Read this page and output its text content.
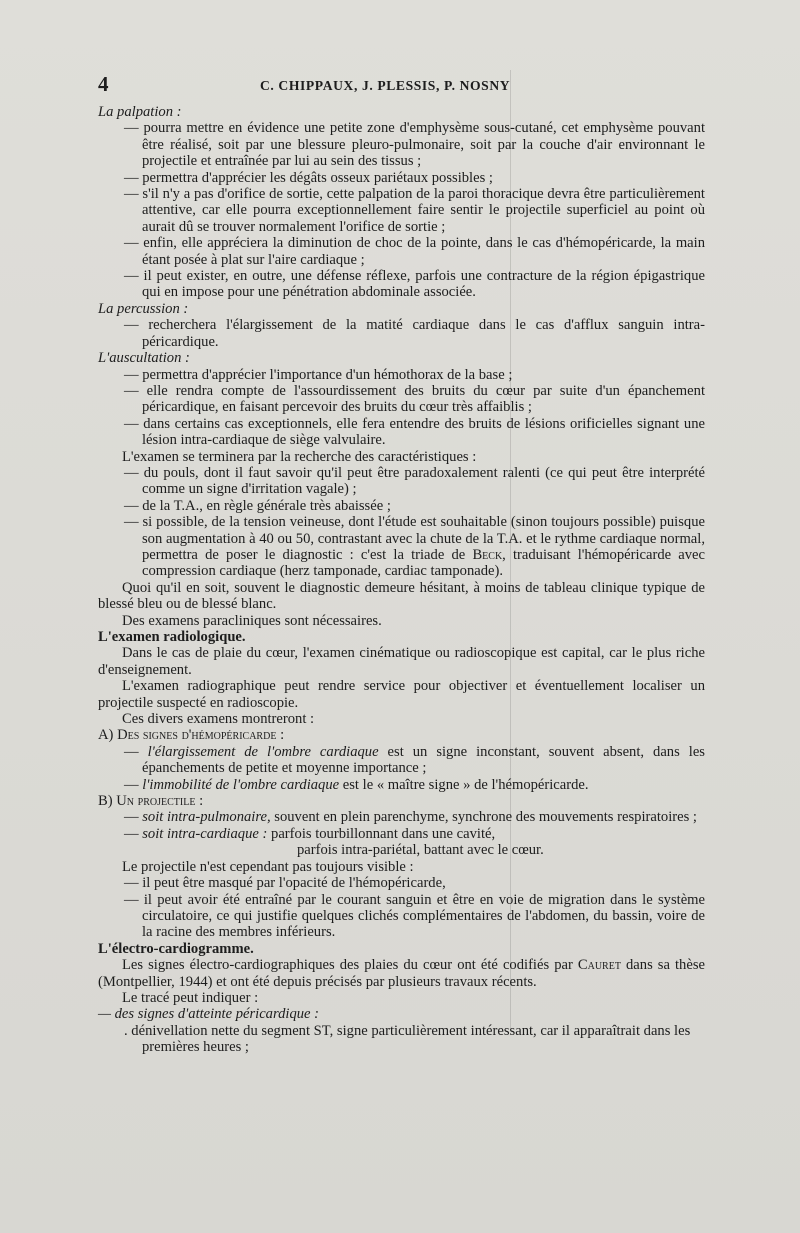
4	C. CHIPPAUX, J. PLESSIS, P. NOSNY

La palpation :

— pourra mettre en évidence une petite zone d'emphysème sous-cutané, cet emphysème pouvant être réalisé, soit par une blessure pleuro-pulmonaire, soit par la couche d'air environnant le projectile et entraînée par lui au sein des tissus ;

— permettra d'apprécier les dégâts osseux pariétaux possibles ;

— s'il n'y a pas d'orifice de sortie, cette palpation de la paroi thoracique devra être particulièrement attentive, car elle pourra exceptionnellement faire sentir le projectile superficiel au point où aurait dû se trouver normalement l'orifice de sortie ;

— enfin, elle appréciera la diminution de choc de la pointe, dans le cas d'hémopéricarde, la main étant posée à plat sur l'aire cardiaque ;

— il peut exister, en outre, une défense réflexe, parfois une contracture de la région épigastrique qui en impose pour une pénétration abdominale associée.

La percussion :

— recherchera l'élargissement de la matité cardiaque dans le cas d'afflux sanguin intra-péricardique.

L'auscultation :

— permettra d'apprécier l'importance d'un hémothorax de la base ;

— elle rendra compte de l'assourdissement des bruits du cœur par suite d'un épanchement péricardique, en faisant percevoir des bruits du cœur très affaiblis ;

— dans certains cas exceptionnels, elle fera entendre des bruits de lésions orificielles signant une lésion intra-cardiaque de siège valvulaire.

L'examen se terminera par la recherche des caractéristiques :

— du pouls, dont il faut savoir qu'il peut être paradoxalement ralenti (ce qui peut être interprété comme un signe d'irritation vagale) ;

— de la T.A., en règle générale très abaissée ;

— si possible, de la tension veineuse, dont l'étude est souhaitable (sinon toujours possible) puisque son augmentation à 40 ou 50, contrastant avec la chute de la T.A. et le rythme cardiaque normal, permettra de poser le diagnostic : c'est la triade de Beck, traduisant l'hémopéricarde avec compression cardiaque (herz tamponade, cardiac tamponade).

Quoi qu'il en soit, souvent le diagnostic demeure hésitant, à moins de tableau clinique typique de blessé bleu ou de blessé blanc.

Des examens paracliniques sont nécessaires.

L'examen radiologique.

Dans le cas de plaie du cœur, l'examen cinématique ou radioscopique est capital, car le plus riche d'enseignement.

L'examen radiographique peut rendre service pour objectiver et éventuellement localiser un projectile suspecté en radioscopie.

Ces divers examens montreront :

A) Des signes d'hémopéricarde :

— l'élargissement de l'ombre cardiaque est un signe inconstant, souvent absent, dans les épanchements de petite et moyenne importance ;

— l'immobilité de l'ombre cardiaque est le « maître signe » de l'hémopéricarde.

B) Un projectile :

— soit intra-pulmonaire, souvent en plein parenchyme, synchrone des mouvements respiratoires ;

— soit intra-cardiaque : parfois tourbillonnant dans une cavité,

parfois intra-pariétal, battant avec le cœur.

Le projectile n'est cependant pas toujours visible :

— il peut être masqué par l'opacité de l'hémopéricarde,

— il peut avoir été entraîné par le courant sanguin et être en voie de migration dans le système circulatoire, ce qui justifie quelques clichés complémentaires de l'abdomen, du bassin, voire de la racine des membres inférieurs.

L'électro-cardiogramme.

Les signes électro-cardiographiques des plaies du cœur ont été codifiés par Cauret dans sa thèse (Montpellier, 1944) et ont été depuis précisés par plusieurs travaux récents.

Le tracé peut indiquer :

— des signes d'atteinte péricardique :

. dénivellation nette du segment ST, signe particulièrement intéressant, car il apparaîtrait dans les premières heures ;
